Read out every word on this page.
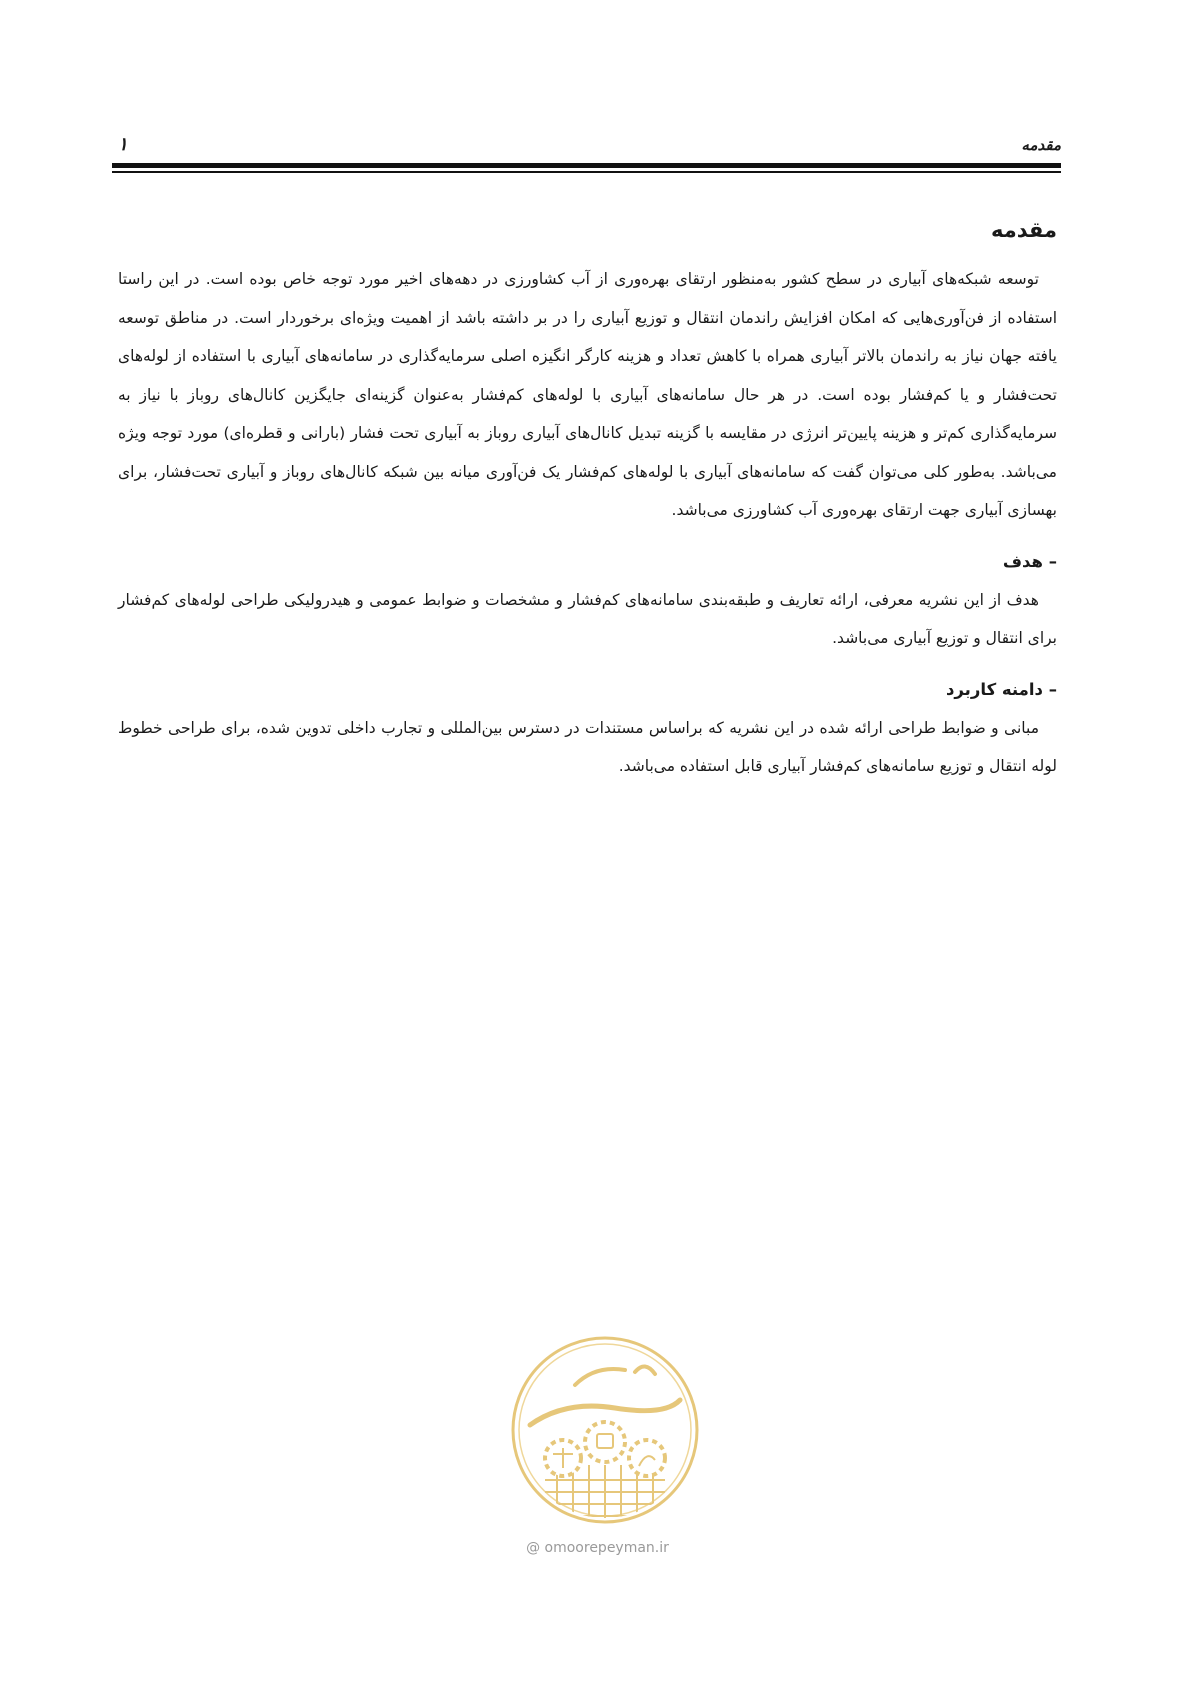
مقدمه
۱
مقدمه

توسعه شبکه‌های آبیاری در سطح کشور به‌منظور ارتقای بهره‌وری از آب کشاورزی در دهه‌های اخیر مورد توجه خاص بوده است. در این راستا استفاده از فن‌آوری‌هایی که امکان افزایش راندمان انتقال و توزیع آبیاری را در بر داشته باشد از اهمیت ویژه‌ای برخوردار است. در مناطق توسعه یافته جهان نیاز به راندمان بالاتر آبیاری همراه با کاهش تعداد و هزینه کارگر انگیزه اصلی سرمایه‌گذاری در سامانه‌های آبیاری با استفاده از لوله‌های تحت‌فشار و یا کم‌فشار بوده است. در هر حال سامانه‌های آبیاری با لوله‌های کم‌فشار به‌عنوان گزینه‌ای جایگزین کانال‌های روباز با نیاز به سرمایه‌گذاری کم‌تر و هزینه پایین‌تر انرژی در مقایسه با گزینه تبدیل کانال‌های آبیاری روباز به آبیاری تحت فشار (بارانی و قطره‌ای) مورد توجه ویژه می‌باشد. به‌طور کلی می‌توان گفت که سامانه‌های آبیاری با لوله‌های کم‌فشار یک فن‌آوری میانه بین شبکه کانال‌های روباز و آبیاری تحت‌فشار، برای بهسازی آبیاری جهت ارتقای بهره‌وری آب کشاورزی می‌باشد.

– هدف

هدف از این نشریه معرفی، ارائه تعاریف و طبقه‌بندی سامانه‌های کم‌فشار و مشخصات و ضوابط عمومی و هیدرولیکی طراحی لوله‌های کم‌فشار برای انتقال و توزیع آبیاری می‌باشد.

– دامنه کاربرد

مبانی و ضوابط طراحی ارائه شده در این نشریه که براساس مستندات در دسترس بین‌المللی و تجارب داخلی تدوین شده، برای طراحی خطوط لوله انتقال و توزیع سامانه‌های کم‌فشار آبیاری قابل استفاده می‌باشد.

@ omoorepeyman.ir
